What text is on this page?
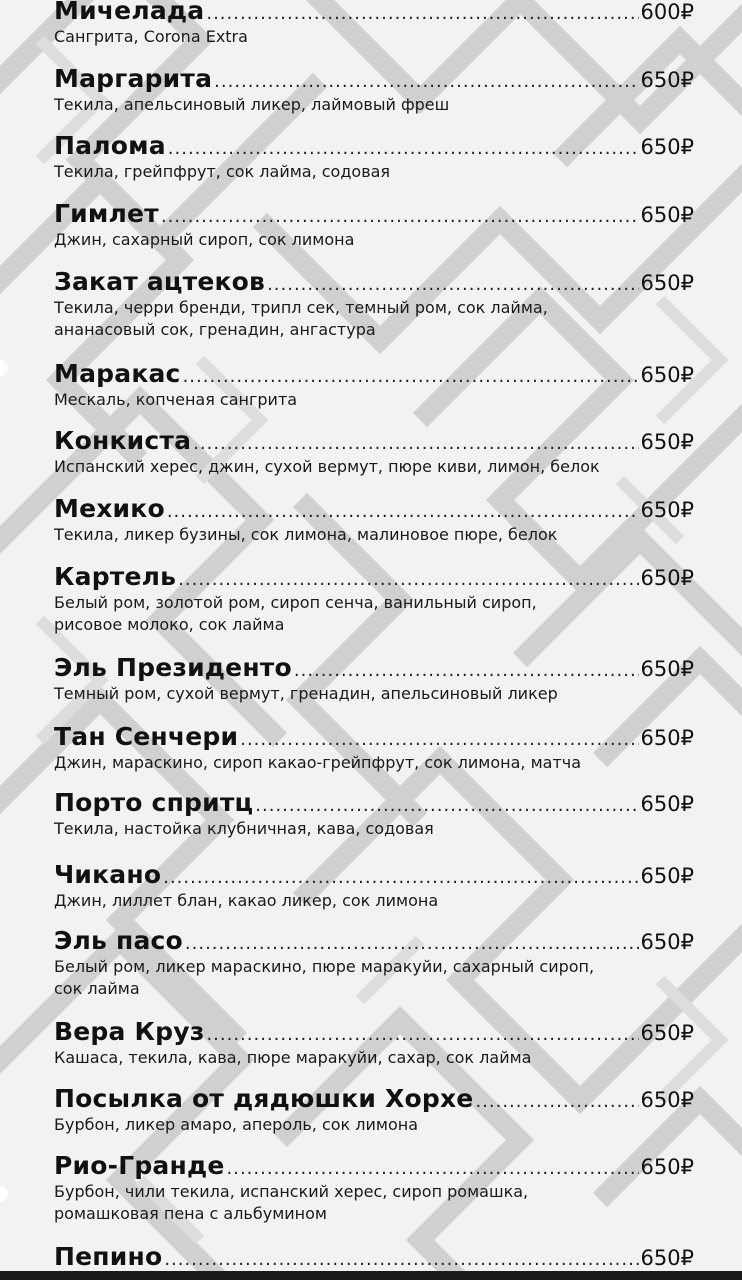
Мичелада .....	600₽
Сангрита, Corona Extra
Маргарита .....	650₽
Текила, апельсиновый ликер, лаймовый фреш
Палома .....	650₽
Текила, грейпфрут, сок лайма, содовая
Гимлет .....	650₽
Джин, сахарный сироп, сок лимона
Закат ацтеков .....	650₽
Текила, черри бренди, трипл сек, темный ром, сок лайма,
ананасовый сок, гренадин, ангастура
Маракас .....	650₽
Мескаль, копченая сангрита
Конкиста .....	650₽
Испанский херес, джин, сухой вермут, пюре киви, лимон, белок
Мехико .....	650₽
Текила, ликер бузины, сок лимона, малиновое пюре, белок
Картель .....	650₽
Белый ром, золотой ром, сироп сенча, ванильный сироп,
рисовое молоко, сок лайма
Эль Президенто .....	650₽
Темный ром, сухой вермут, гренадин, апельсиновый ликер
Тан Сенчери .....	650₽
Джин, мараскино, сироп какао-грейпфрут, сок лимона, матча
Порто спритц .....	650₽
Текила, настойка клубничная, кава, содовая
Чикано .....	650₽
Джин, лиллет блан, какао ликер, сок лимона
Эль пасо .....	650₽
Белый ром, ликер мараскино, пюре маракуйи, сахарный сироп,
сок лайма
Вера Круз .....	650₽
Кашаса, текила, кава, пюре маракуйи, сахар, сок лайма
Посылка от дядюшки Хорхе .....	650₽
Бурбон, ликер амаро, апероль, сок лимона
Рио-Гранде .....	650₽
Бурбон, чили текила, испанский херес, сироп ромашка,
ромашковая пена с альбумином
Пепино .....	650₽
